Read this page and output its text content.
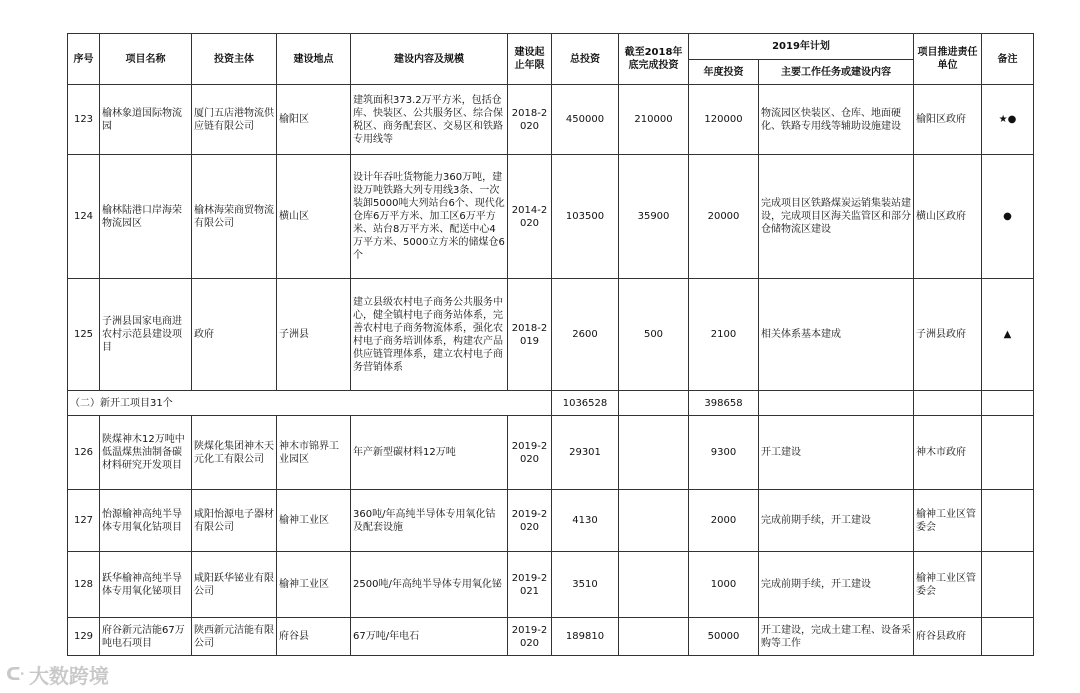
序号	项目名称	投资主体	建设地点	建设内容及规模	建设起止年限	总投资	截至2018年底完成投资	2019年计划		项目推进责任单位	备注
								年度投资	主要工作任务或建设内容		
123	榆林象道国际物流园	厦门五店港物流供应链有限公司	榆阳区	建筑面积373.2万平方米，包括仓库、快装区、公共服务区、综合保税区、商务配套区、交易区和铁路专用线等	2018-2020	450000	210000	120000	物流园区快装区、仓库、地面硬化、铁路专用线等辅助设施建设	榆阳区政府	★●
124	榆林陆港口岸海荣物流园区	榆林海荣商贸物流有限公司	横山区	设计年吞吐货物能力360万吨，建设万吨铁路大列专用线3条、一次装卸5000吨大列站台6个、现代化仓库6万平方米、加工区6万平方米、站台8万平方米、配送中心4万平方米、5000立方米的储煤仓6个	2014-2020	103500	35900	20000	完成项目区铁路煤炭运销集装站建设，完成项目区海关监管区和部分仓储物流区建设	横山区政府	●
125	子洲县国家电商进农村示范县建设项目	政府	子洲县	建立县级农村电子商务公共服务中心，健全镇村电子商务站体系，完善农村电子商务物流体系，强化农村电子商务培训体系，构建农产品供应链管理体系，建立农村电子商务营销体系	2018-2019	2600	500	2100	相关体系基本建成	子洲县政府	▲
（二）新开工项目31个						1036528		398658			
126	陕煤神木12万吨中低温煤焦油制备碳材料研究开发项目	陕煤化集团神木天元化工有限公司	神木市锦界工业园区	年产新型碳材料12万吨	2019-2020	29301		9300	开工建设	神木市政府	
127	怡源榆神高纯半导体专用氧化钴项目	咸阳怡源电子器材有限公司	榆神工业区	360吨/年高纯半导体专用氧化钴及配套设施	2019-2020	4130		2000	完成前期手续，开工建设	榆神工业区管委会	
128	跃华榆神高纯半导体专用氧化铋项目	咸阳跃华铋业有限公司	榆神工业区	2500吨/年高纯半导体专用氧化铋	2019-2021	3510		1000	完成前期手续，开工建设	榆神工业区管委会	
129	府谷新元洁能67万吨电石项目	陕西新元洁能有限公司	府谷县	67万吨/年电石	2019-2020	189810		50000	开工建设，完成土建工程、设备采购等工作	府谷县政府	
ᑢ 大数跨境
